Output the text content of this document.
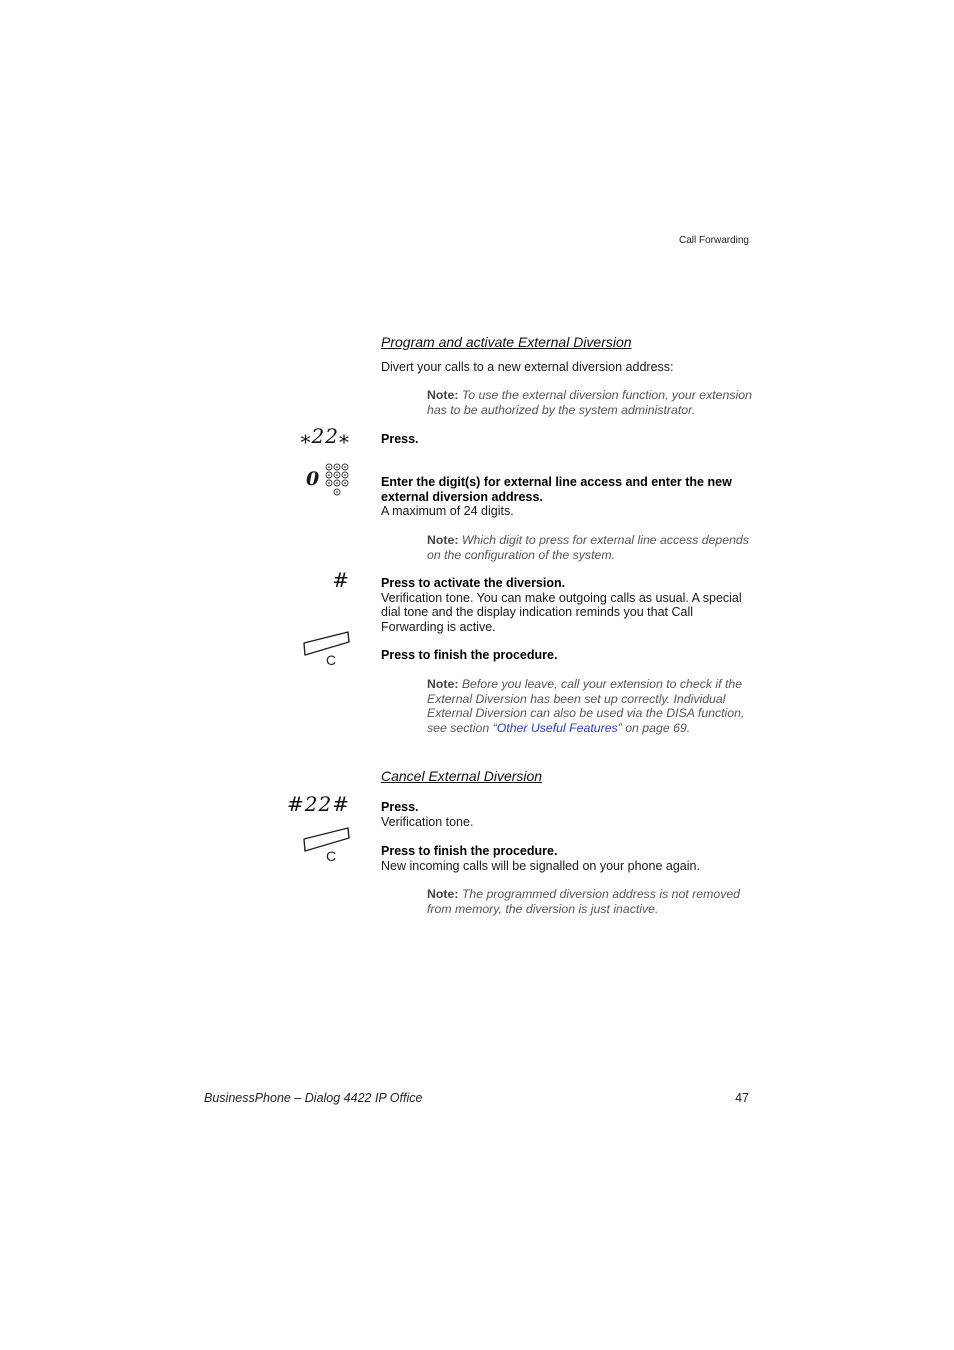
Call Forwarding
Program and activate External Diversion
Divert your calls to a new external diversion address:
Note: To use the external diversion function, your extension has to be authorized by the system administrator.
⁎22⁎ Press.
0	Enter the digit(s) for external line access and enter the new external diversion address.
A maximum of 24 digits.
Note: Which digit to press for external line access depends on the configuration of the system.
# Press to activate the diversion.
Verification tone. You can make outgoing calls as usual. A special dial tone and the display indication reminds you that Call Forwarding is active.
C	Press to finish the procedure.
Note: Before you leave, call your extension to check if the External Diversion has been set up correctly. Individual External Diversion can also be used via the DISA function, see section “Other Useful Features” on page 69.
Cancel External Diversion
#22# Press.
Verification tone.
C	Press to finish the procedure.
New incoming calls will be signalled on your phone again.
Note: The programmed diversion address is not removed from memory, the diversion is just inactive.
BusinessPhone – Dialog 4422 IP Office	47
